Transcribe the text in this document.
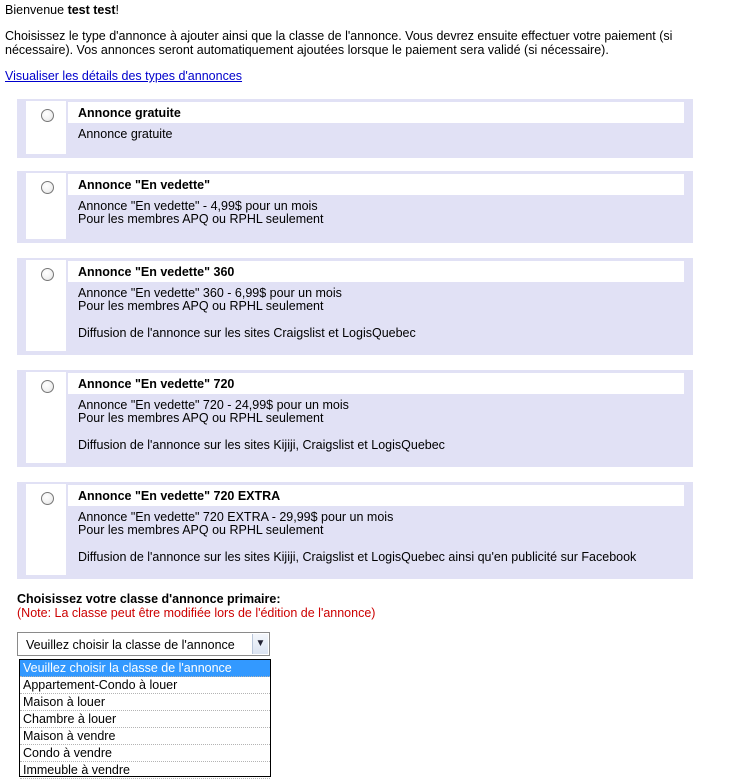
Bienvenue test test!
Choisissez le type d'annonce à ajouter ainsi que la classe de l'annonce. Vous devrez ensuite effectuer votre paiement (si nécessaire). Vos annonces seront automatiquement ajoutées lorsque le paiement sera validé (si nécessaire).
Visualiser les détails des types d'annonces
Annonce gratuite
Annonce gratuite
Annonce "En vedette"
Annonce "En vedette" - 4,99$ pour un mois
Pour les membres APQ ou RPHL seulement
Annonce "En vedette" 360
Annonce "En vedette" 360 - 6,99$ pour un mois
Pour les membres APQ ou RPHL seulement
Diffusion de l'annonce sur les sites Craigslist et LogisQuebec
Annonce "En vedette" 720
Annonce "En vedette" 720 - 24,99$ pour un mois
Pour les membres APQ ou RPHL seulement
Diffusion de l'annonce sur les sites Kijiji, Craigslist et LogisQuebec
Annonce "En vedette" 720 EXTRA
Annonce "En vedette" 720 EXTRA - 29,99$ pour un mois
Pour les membres APQ ou RPHL seulement
Diffusion de l'annonce sur les sites Kijiji, Craigslist et LogisQuebec ainsi qu'en publicité sur Facebook
Choisissez votre classe d'annonce primaire:
(Note: La classe peut être modifiée lors de l'édition de l'annonce)
Veuillez choisir la classe de l'annonce	▼
Veuillez choisir la classe de l'annonce
Appartement-Condo à louer
Maison à louer
Chambre à louer
Maison à vendre
Condo à vendre
Immeuble à vendre
